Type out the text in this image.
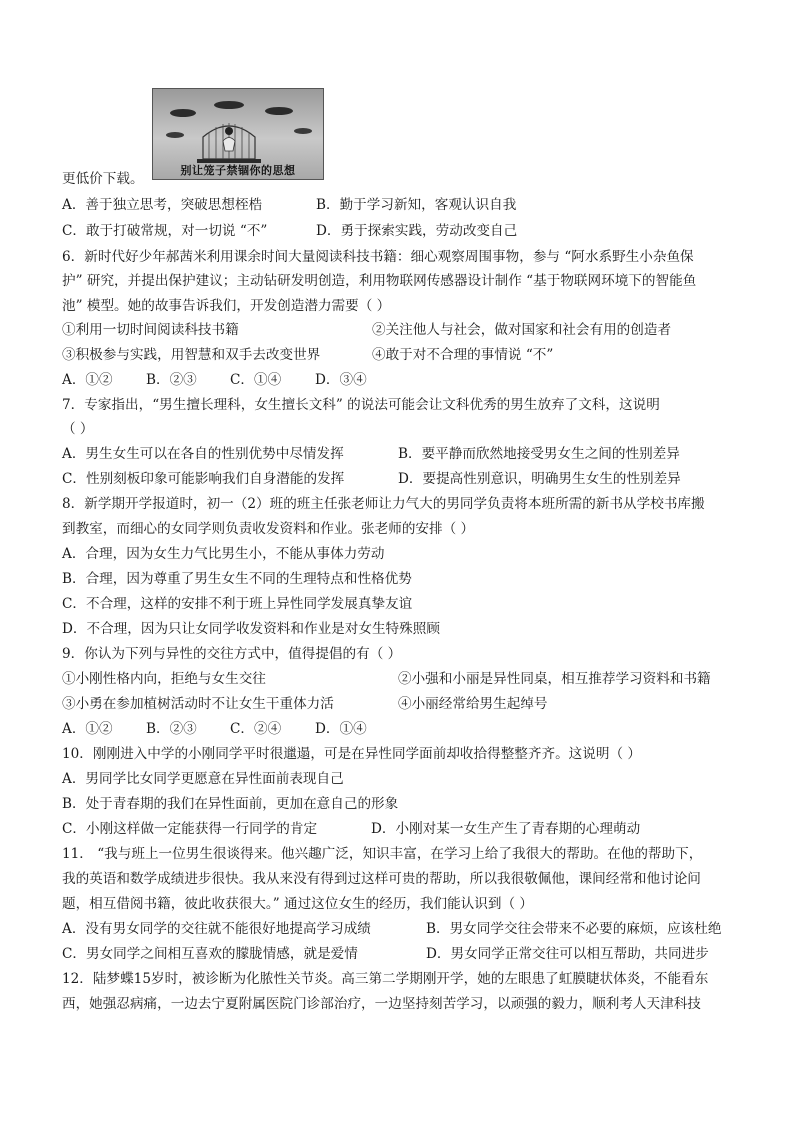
别让笼子禁锢你的思想
更低价下载。
A．善于独立思考，突破思想桎梏	B．勤于学习新知，客观认识自我
C．敢于打破常规，对一切说 “不”	D．勇于探索实践，劳动改变自己
6．新时代好少年郝茜米利用课余时间大量阅读科技书籍：细心观察周围事物，参与 “阿水系野生小杂鱼保
护” 研究，并提出保护建议；主动钻研发明创造，利用物联网传感器设计制作 “基于物联网环境下的智能鱼
池” 模型。她的故事告诉我们，开发创造潜力需要（ ）
①利用一切时间阅读科技书籍	②关注他人与社会，做对国家和社会有用的创造者
③积极参与实践，用智慧和双手去改变世界	④敢于对不合理的事情说 “不”
A．①② B．②③ C．①④ D．③④
7．专家指出，“男生擅长理科，女生擅长文科” 的说法可能会让文科优秀的男生放弃了文科，这说明
（ ）
A．男生女生可以在各自的性别优势中尽情发挥	B．要平静而欣然地接受男女生之间的性别差异
C．性别刻板印象可能影响我们自身潜能的发挥	D．要提高性别意识，明确男生女生的性别差异
8．新学期开学报道时，初一（2）班的班主任张老师让力气大的男同学负责将本班所需的新书从学校书库搬
到教室，而细心的女同学则负责收发资料和作业。张老师的安排（ ）
A．合理，因为女生力气比男生小，不能从事体力劳动
B．合理，因为尊重了男生女生不同的生理特点和性格优势
C．不合理，这样的安排不利于班上异性同学发展真挚友谊
D．不合理，因为只让女同学收发资料和作业是对女生特殊照顾
9．你认为下列与异性的交往方式中，值得提倡的有（ ）
①小刚性格内向，拒绝与女生交往	②小强和小丽是异性同桌，相互推荐学习资料和书籍
③小勇在参加植树活动时不让女生干重体力活	④小丽经常给男生起绰号
A．①② B．②③ C．②④ D．①④
10．刚刚进入中学的小刚同学平时很邋遢，可是在异性同学面前却收拾得整整齐齐。这说明（ ）
A．男同学比女同学更愿意在异性面前表现自己
B．处于青春期的我们在异性面前，更加在意自己的形象
C．小刚这样做一定能获得一行同学的肯定	D．小刚对某一女生产生了青春期的心理萌动
11． “我与班上一位男生很谈得来。他兴趣广泛，知识丰富，在学习上给了我很大的帮助。在他的帮助下，
我的英语和数学成绩进步很快。我从来没有得到过这样可贵的帮助，所以我很敬佩他，课间经常和他讨论问
题，相互借阅书籍，彼此收获很大。” 通过这位女生的经历，我们能认识到（ ）
A．没有男女同学的交往就不能很好地提高学习成绩	B．男女同学交往会带来不必要的麻烦，应该杜绝
C．男女同学之间相互喜欢的朦胧情感，就是爱情	D．男女同学正常交往可以相互帮助，共同进步
12．陆梦蝶15岁时，被诊断为化脓性关节炎。高三第二学期刚开学，她的左眼患了虹膜睫状体炎，不能看东
西，她强忍病痛，一边去宁夏附属医院门诊部治疗，一边坚持刻苦学习，以顽强的毅力，顺利考人天津科技
